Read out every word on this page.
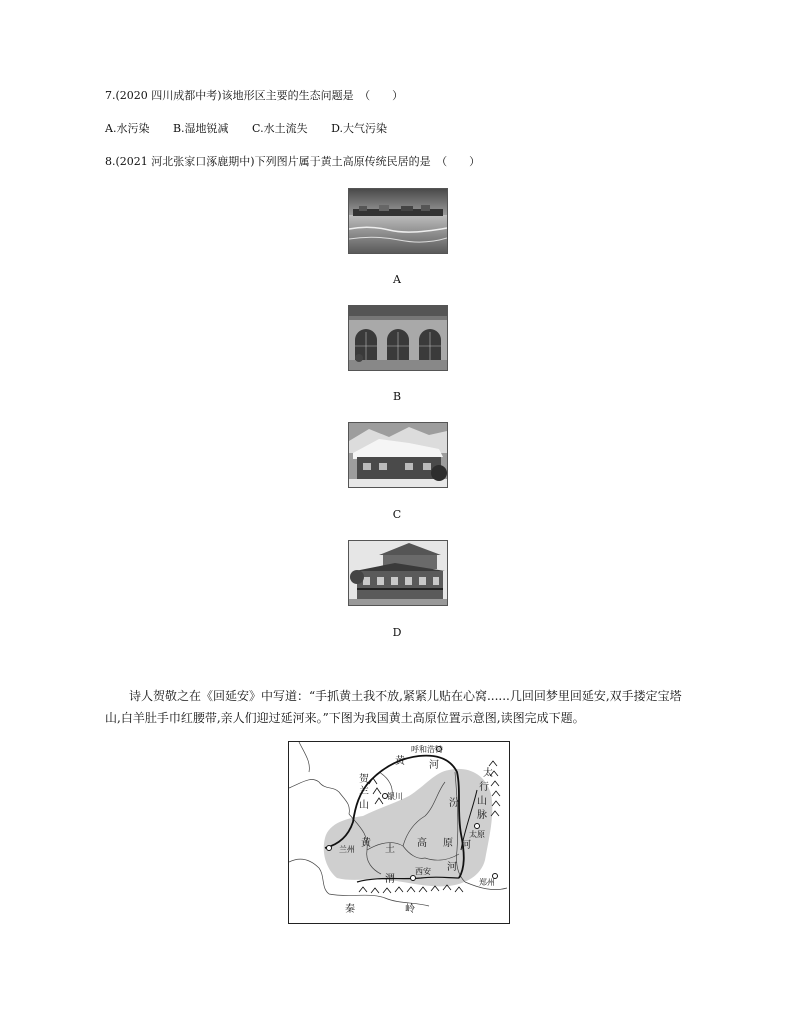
7.(2020 四川成都中考)该地形区主要的生态问题是　（　　）
A.水污染 B.湿地锐减 C.水土流失 D.大气污染
8.(2021 河北张家口涿鹿期中)下列图片属于黄土高原传统民居的是　（　　）
A
B
C
D
诗人贺敬之在《回延安》中写道：“手抓黄土我不放,紧紧儿贴在心窝......几回回梦里回延安,双手搂定宝塔山,白羊肚手巾红腰带,亲人们迎过延河来。”下图为我国黄土高原位置示意图,读图完成下题。
呼和浩特
银川
兰州
西安
郑州
太原
贺
兰
山
黄 河
汾
河
太
行
山
脉
黄
土
高 原
渭
河
秦	岭
